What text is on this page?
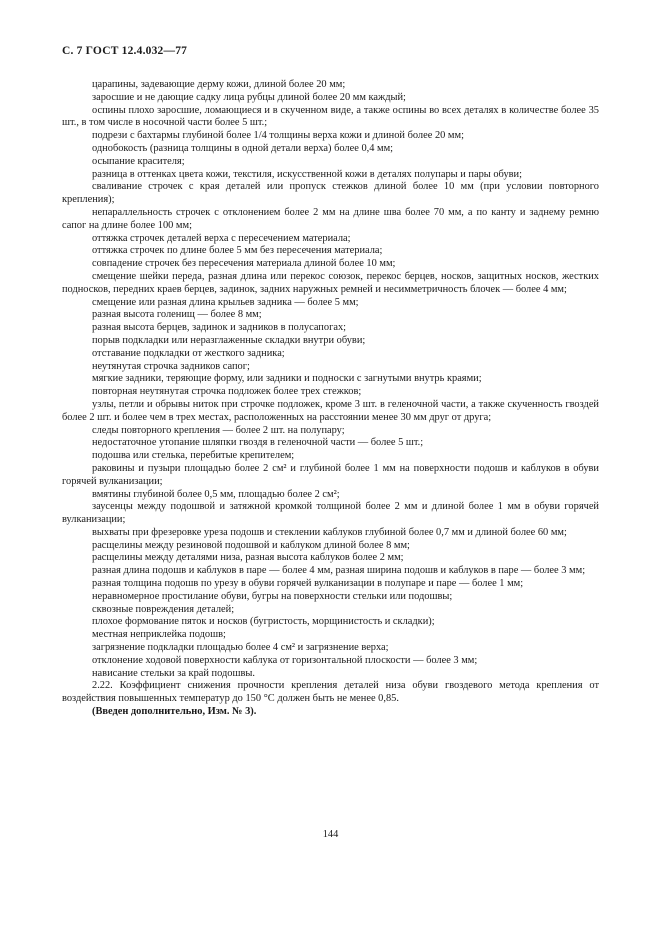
С. 7 ГОСТ 12.4.032—77

царапины, задевающие дерму кожи, длиной более 20 мм;

заросшие и не дающие садку лица рубцы длиной более 20 мм каждый;

оспины плохо заросшие, ломающиеся и в скученном виде, а также оспины во всех деталях в количестве более 35 шт., в том числе в носочной части более 5 шт.;

подрези с бахтармы глубиной более 1/4 толщины верха кожи и длиной более 20 мм;

однобокость (разница толщины в одной детали верха) более 0,4 мм;

осыпание красителя;

разница в оттенках цвета кожи, текстиля, искусственной кожи в деталях полупары и пары обуви;

сваливание строчек с края деталей или пропуск стежков длиной более 10 мм (при условии повторного крепления);

непараллельность строчек с отклонением более 2 мм на длине шва более 70 мм, а по канту и заднему ремню сапог на длине более 100 мм;

оттяжка строчек деталей верха с пересечением материала;

оттяжка строчек по длине более 5 мм без пересечения материала;

совпадение строчек без пересечения материала длиной более 10 мм;

смещение шейки переда, разная длина или перекос союзок, перекос берцев, носков, защитных носков, жестких подносков, передних краев берцев, задинок, задних наружных ремней и несимметричность блочек — более 4 мм;

смещение или разная длина крыльев задника — более 5 мм;

разная высота голенищ — более 8 мм;

разная высота берцев, задинок и задников в полусапогах;

порыв подкладки или неразглаженные складки внутри обуви;

отставание подкладки от жесткого задника;

неутянутая строчка задников сапог;

мягкие задники, теряющие форму, или задники и подноски с загнутыми внутрь краями;

повторная неутянутая строчка подложек более трех стежков;

узлы, петли и обрывы ниток при строчке подложек, кроме 3 шт. в геленочной части, а также скученность гвоздей более 2 шт. и более чем в трех местах, расположенных на расстоянии менее 30 мм друг от друга;

следы повторного крепления — более 2 шт. на полупару;

недостаточное утопание шляпки гвоздя в геленочной части — более 5 шт.;

подошва или стелька, перебитые крепителем;

раковины и пузыри площадью более 2 см² и глубиной более 1 мм на поверхности подошв и каблуков в обуви горячей вулканизации;

вмятины глубиной более 0,5 мм, площадью более 2 см²;

заусенцы между подошвой и затяжной кромкой толщиной более 2 мм и длиной более 1 мм в обуви горячей вулканизации;

выхваты при фрезеровке уреза подошв и стеклении каблуков глубиной более 0,7 мм и длиной более 60 мм;

расщелины между резиновой подошвой и каблуком длиной более 8 мм;

расщелины между деталями низа, разная высота каблуков более 2 мм;

разная длина подошв и каблуков в паре — более 4 мм, разная ширина подошв и каблуков в паре — более 3 мм;

разная толщина подошв по урезу в обуви горячей вулканизации в полупаре и паре — более 1 мм;

неравномерное простилание обуви, бугры на поверхности стельки или подошвы;

сквозные повреждения деталей;

плохое формование пяток и носков (бугристость, морщинистость и складки);

местная неприклейка подошв;

загрязнение подкладки площадью более 4 см² и загрязнение верха;

отклонение ходовой поверхности каблука от горизонтальной плоскости — более 3 мм;

нависание стельки за край подошвы.

2.22. Коэффициент снижения прочности крепления деталей низа обуви гвоздевого метода крепления от воздействия повышенных температур до 150 °С должен быть не менее 0,85.

(Введен дополнительно, Изм. № 3).

144
